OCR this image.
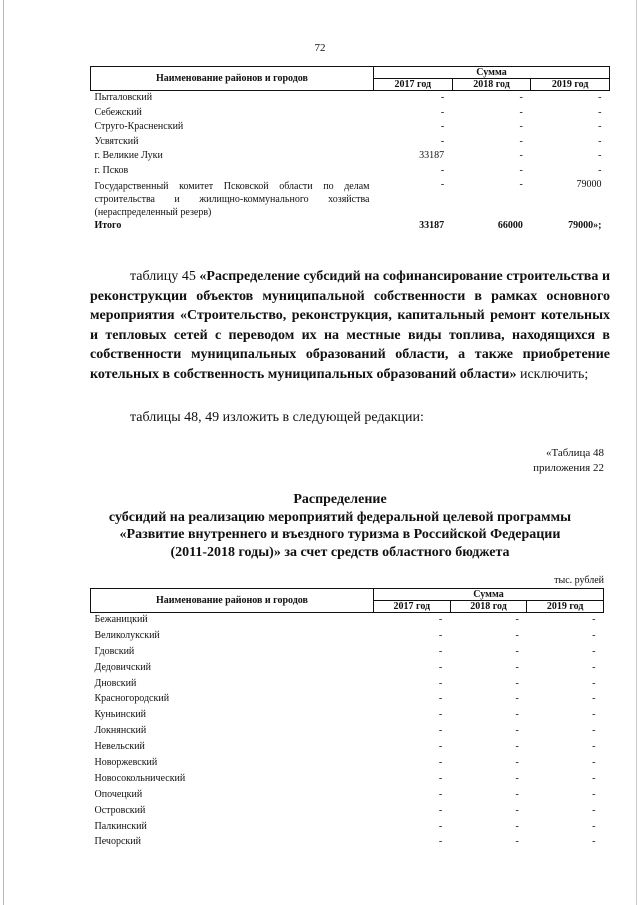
72
Наименование районов и городов	Сумма		
	2017 год	2018 год	2019 год
Пыталовский	-	-	-
Себежский	-	-	-
Струго-Красненский	-	-	-
Усвятский	-	-	-
г. Великие Луки	33187	-	-
г. Псков	-	-	-
Государственный комитет Псковской области по делам строительства и жилищно-коммунального хозяйства (нераспределенный резерв)	-	-	79000
Итого	33187	66000	79000»;
таблицу 45 «Распределение субсидий на софинансирование строительства и реконструкции объектов муниципальной собственности в рамках основного мероприятия «Строительство, реконструкция, капитальный ремонт котельных и тепловых сетей с переводом их на местные виды топлива, находящихся в собственности муниципальных образований области, а также приобретение котельных в собственность муниципальных образований области» исключить;
таблицы 48, 49 изложить в следующей редакции:
«Таблица 48
приложения 22
Распределение
субсидий на реализацию мероприятий федеральной целевой программы
«Развитие внутреннего и въездного туризма в Российской Федерации
(2011-2018 годы)» за счет средств областного бюджета
тыс. рублей
Наименование районов и городов	Сумма		
	2017 год	2018 год	2019 год
Бежаницкий	-	-	-
Великолукский	-	-	-
Гдовский	-	-	-
Дедовичский	-	-	-
Дновский	-	-	-
Красногородский	-	-	-
Куньинский	-	-	-
Локнянский	-	-	-
Невельский	-	-	-
Новоржевский	-	-	-
Новосокольнический	-	-	-
Опочецкий	-	-	-
Островский	-	-	-
Палкинский	-	-	-
Печорский	-	-	-
